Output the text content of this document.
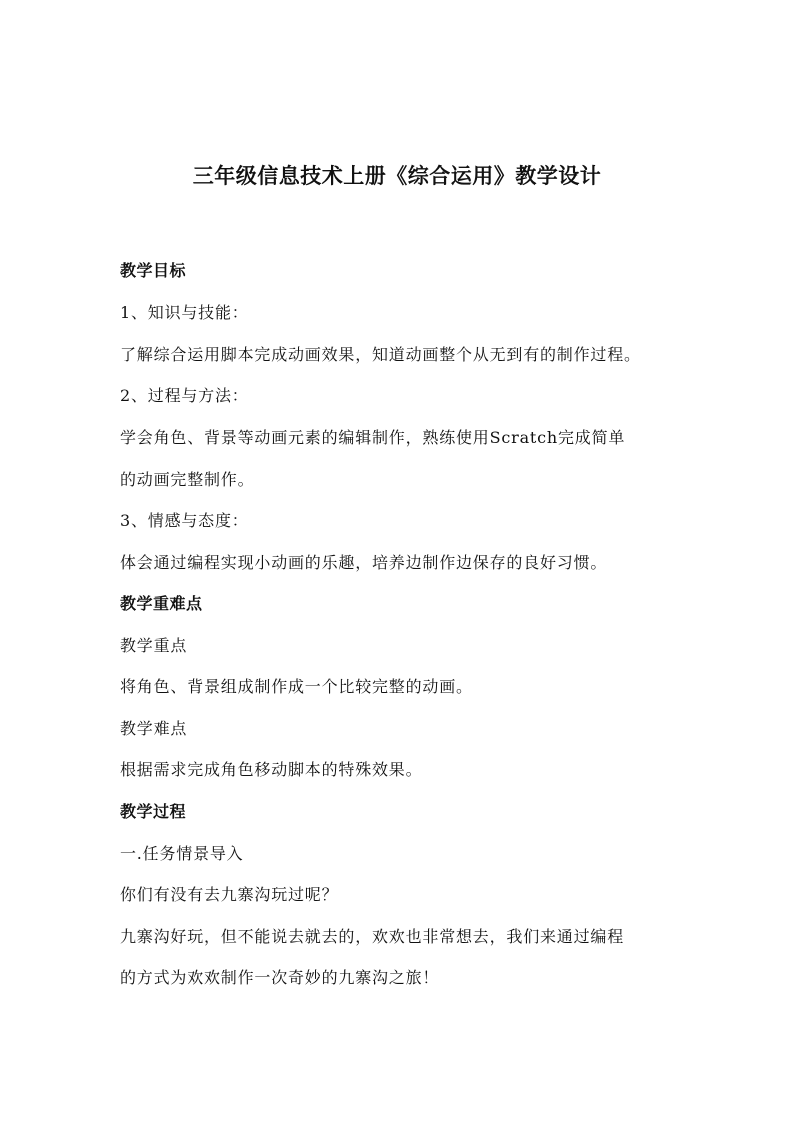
三年级信息技术上册《综合运用》教学设计

教学目标

1、知识与技能：

了解综合运用脚本完成动画效果，知道动画整个从无到有的制作过程。

2、过程与方法：

学会角色、背景等动画元素的编辑制作，熟练使用Scratch完成简单

的动画完整制作。

3、情感与态度：

体会通过编程实现小动画的乐趣，培养边制作边保存的良好习惯。

教学重难点

教学重点

将角色、背景组成制作成一个比较完整的动画。

教学难点

根据需求完成角色移动脚本的特殊效果。

教学过程

一.任务情景导入

你们有没有去九寨沟玩过呢？

九寨沟好玩，但不能说去就去的，欢欢也非常想去，我们来通过编程

的方式为欢欢制作一次奇妙的九寨沟之旅！
